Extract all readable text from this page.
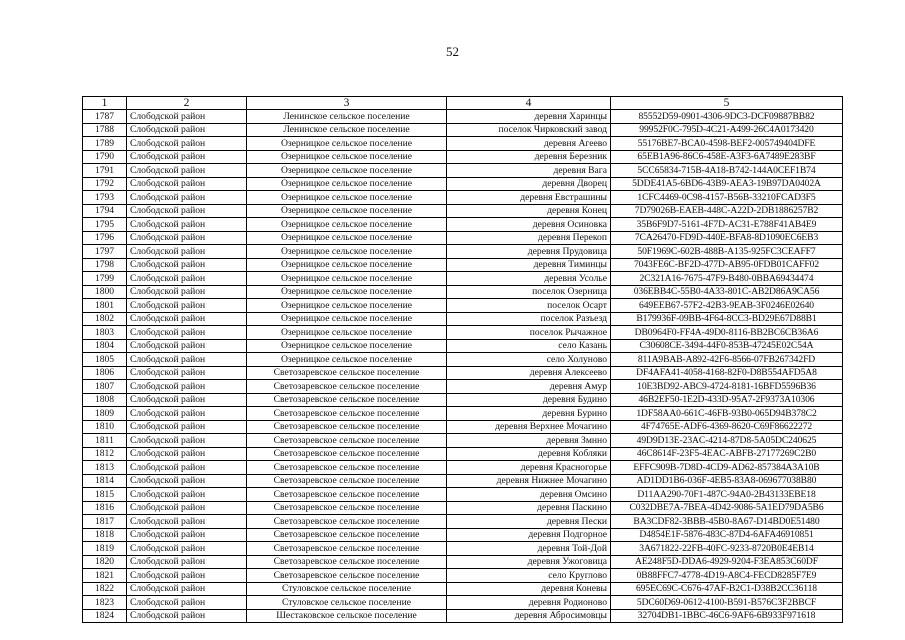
52
1	2	3	4	5
1787	Слободской район	Ленинское сельское поселение	деревня Харинцы	85552D59-0901-4306-9DC3-DCF09887BB82
1788	Слободской район	Ленинское сельское поселение	поселок Чирковский завод	99952F0C-795D-4C21-A499-26C4A0173420
1789	Слободской район	Озерницкое сельское поселение	деревня Агеево	55176BE7-BCA0-4598-BEF2-005749404DFE
1790	Слободской район	Озерницкое сельское поселение	деревня Березник	65EB1A96-86C6-458E-A3F3-6A7489E283BF
1791	Слободской район	Озерницкое сельское поселение	деревня Вага	5CC65834-715B-4A18-B742-144A0CEF1B74
1792	Слободской район	Озерницкое сельское поселение	деревня Дворец	5DDE41A5-6BD6-43B9-AEA3-19B97DA0402A
1793	Слободской район	Озерницкое сельское поселение	деревня Евстрашины	1CFC4469-0C98-4157-B56B-33210FCAD3F5
1794	Слободской район	Озерницкое сельское поселение	деревня Конец	7D79026B-EAEB-448C-A22D-2DB1886257B2
1795	Слободской район	Озерницкое сельское поселение	деревня Осиновка	35B6F9D7-5161-4F7D-AC31-E788F41AB4E9
1796	Слободской район	Озерницкое сельское поселение	деревня Перекоп	7CA26470-FD9D-440E-BFA8-8D1090EC6EB3
1797	Слободской район	Озерницкое сельское поселение	деревня Прудовица	50F1969C-602B-488B-A135-925FC3CEAFF7
1798	Слободской район	Озерницкое сельское поселение	деревня Тиминцы	7043FE6C-BF2D-477D-AB95-0FDB01CAFF02
1799	Слободской район	Озерницкое сельское поселение	деревня Усолье	2C321A16-7675-47F9-B480-0BBA69434474
1800	Слободской район	Озерницкое сельское поселение	поселок Озерница	036EBB4C-55B0-4A33-801C-AB2D86A9CA56
1801	Слободской район	Озерницкое сельское поселение	поселок Осарт	649EEB67-57F2-42B3-9EAB-3F0246E02640
1802	Слободской район	Озерницкое сельское поселение	поселок Разъезд	B179936F-09BB-4F64-8CC3-BD29E67D88B1
1803	Слободской район	Озерницкое сельское поселение	поселок Рычажное	DB0964F0-FF4A-49D0-8116-BB2BC6CB36A6
1804	Слободской район	Озерницкое сельское поселение	село Казань	C30608CE-3494-44F0-853B-47245E02C54A
1805	Слободской район	Озерницкое сельское поселение	село Холуново	811A9BAB-A892-42F6-8566-07FB267342FD
1806	Слободской район	Светозаревское сельское поселение	деревня Алексеево	DF4AFA41-4058-4168-82F0-D8B554AFD5A8
1807	Слободской район	Светозаревское сельское поселение	деревня Амур	10E3BD92-ABC9-4724-8181-16BFD5596B36
1808	Слободской район	Светозаревское сельское поселение	деревня Будино	46B2EF50-1E2D-433D-95A7-2F9373A10306
1809	Слободской район	Светозаревское сельское поселение	деревня Бурино	1DF58AA0-661C-46FB-93B0-065D94B378C2
1810	Слободской район	Светозаревское сельское поселение	деревня Верхнее Мочагино	4F74765E-ADF6-4369-8620-C69F86622272
1811	Слободской район	Светозаревское сельское поселение	деревня Змнно	49D9D13E-23AC-4214-87D8-5A05DC240625
1812	Слободской район	Светозаревское сельское поселение	деревня Кобляки	46C8614F-23F5-4EAC-ABFB-27177269C2B0
1813	Слободской район	Светозаревское сельское поселение	деревня Красногорье	EFFC909B-7D8D-4CD9-AD62-857384A3A10B
1814	Слободской район	Светозаревское сельское поселение	деревня Нижнее Мочагино	AD1DD1B6-036F-4EB5-83A8-069677038B80
1815	Слободской район	Светозаревское сельское поселение	деревня Омсино	D11AA290-70F1-487C-94A0-2B43133EBE18
1816	Слободской район	Светозаревское сельское поселение	деревня Паскино	C032DBE7A-7BEA-4D42-9086-5A1ED79DA5B6
1817	Слободской район	Светозаревское сельское поселение	деревня Пески	BA3CDF82-3BBB-45B0-8A67-D14BD0E51480
1818	Слободской район	Светозаревское сельское поселение	деревня Подгорное	D4854E1F-5876-483C-87D4-6AFA46910851
1819	Слободской район	Светозаревское сельское поселение	деревня Той-Дой	3A671822-22FB-40FC-9233-8720B0E4EB14
1820	Слободской район	Светозаревское сельское поселение	деревня Ужоговица	AE248F5D-DDA6-4929-9204-F3EA853C60DF
1821	Слободской район	Светозаревское сельское поселение	село Круглово	0B88FFC7-4778-4D19-A8C4-FECD8285F7E9
1822	Слободской район	Стуловское сельское поселение	деревня Коневы	695EC69C-C676-47AF-B2C1-D38B2CC36118
1823	Слободской район	Стуловское сельское поселение	деревня Родионово	5DC60D69-0612-4100-B591-B576C3F2BBCF
1824	Слободской район	Шестаковское сельское поселение	деревня Абросимовцы	32704DB1-1BBC-46C6-9AF6-6B933F971618
